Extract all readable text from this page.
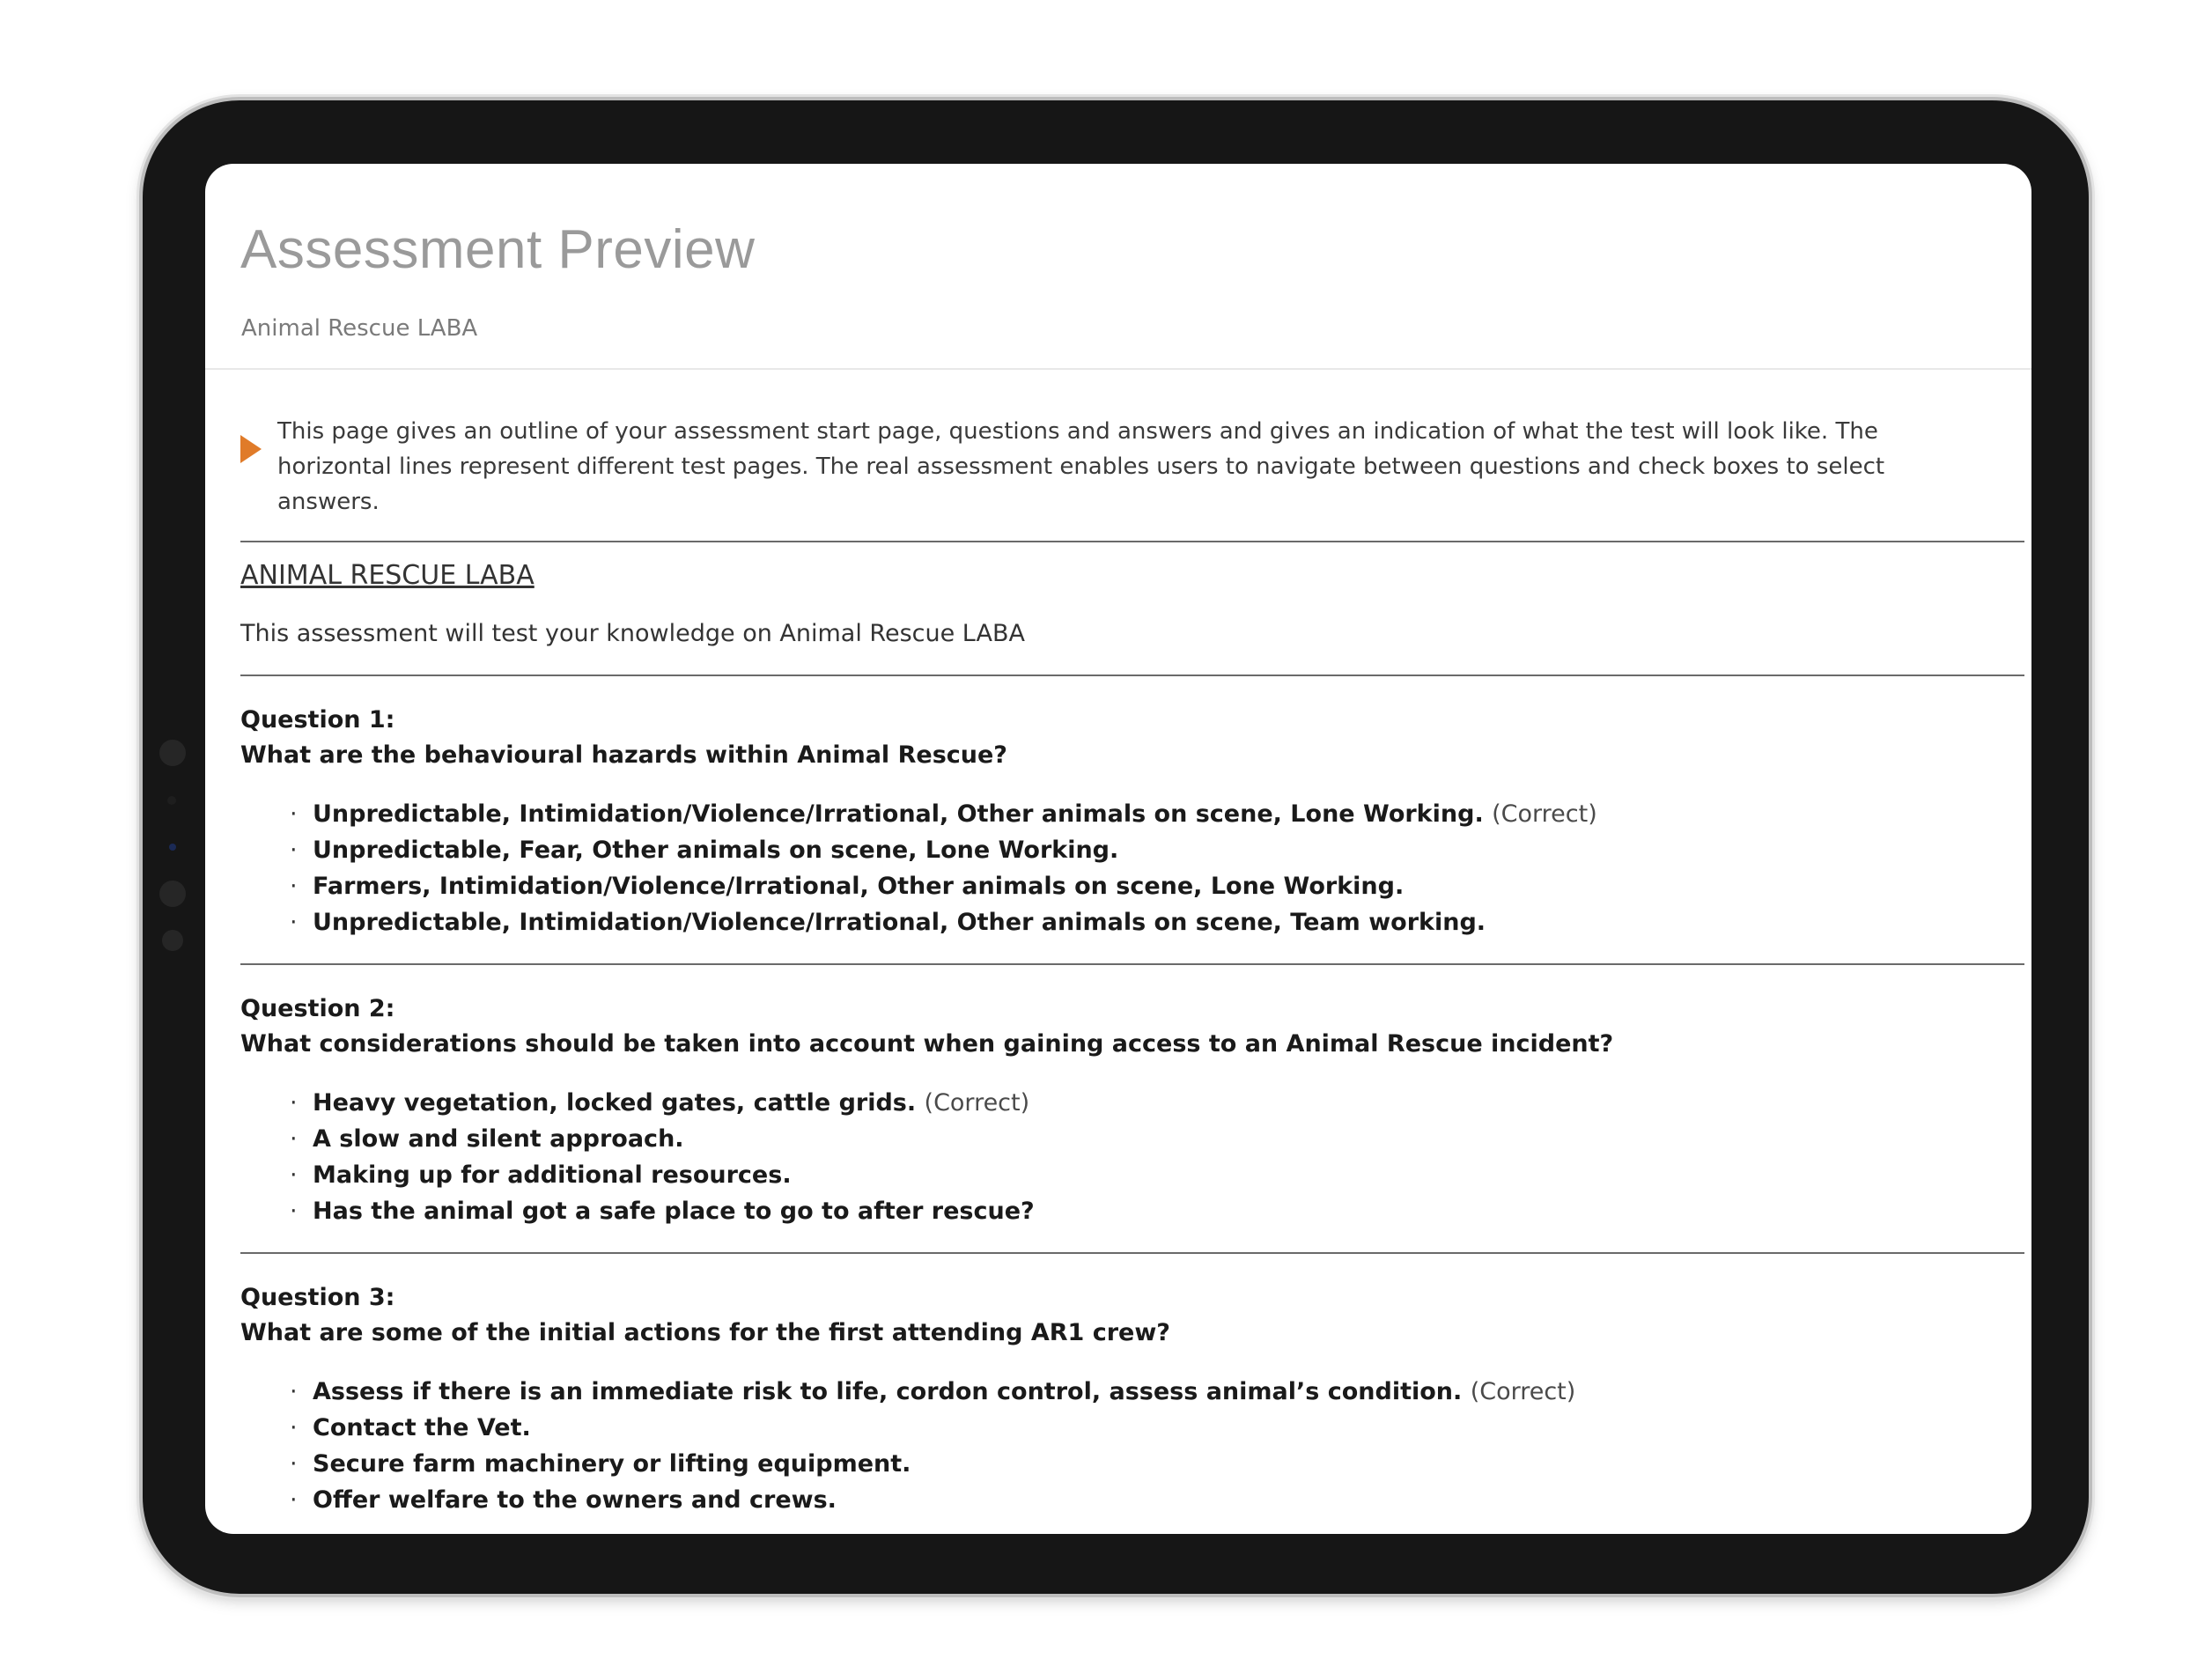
Assessment Preview
Animal Rescue LABA
This page gives an outline of your assessment start page, questions and answers and gives an indication of what the test will look like. The horizontal lines represent different test pages. The real assessment enables users to navigate between questions and check boxes to select answers.
ANIMAL RESCUE LABA

This assessment will test your knowledge on Animal Rescue LABA

Question 1:
What are the behavioural hazards within Animal Rescue?
· Unpredictable, Intimidation/Violence/Irrational, Other animals on scene, Lone Working. (Correct)
· Unpredictable, Fear, Other animals on scene, Lone Working.
· Farmers, Intimidation/Violence/Irrational, Other animals on scene, Lone Working.
· Unpredictable, Intimidation/Violence/Irrational, Other animals on scene, Team working.
Question 2:
What considerations should be taken into account when gaining access to an Animal Rescue incident?
· Heavy vegetation, locked gates, cattle grids. (Correct)
· A slow and silent approach.
· Making up for additional resources.
· Has the animal got a safe place to go to after rescue?
Question 3:
What are some of the initial actions for the first attending AR1 crew?
· Assess if there is an immediate risk to life, cordon control, assess animal’s condition. (Correct)
· Contact the Vet.
· Secure farm machinery or lifting equipment.
· Offer welfare to the owners and crews.
